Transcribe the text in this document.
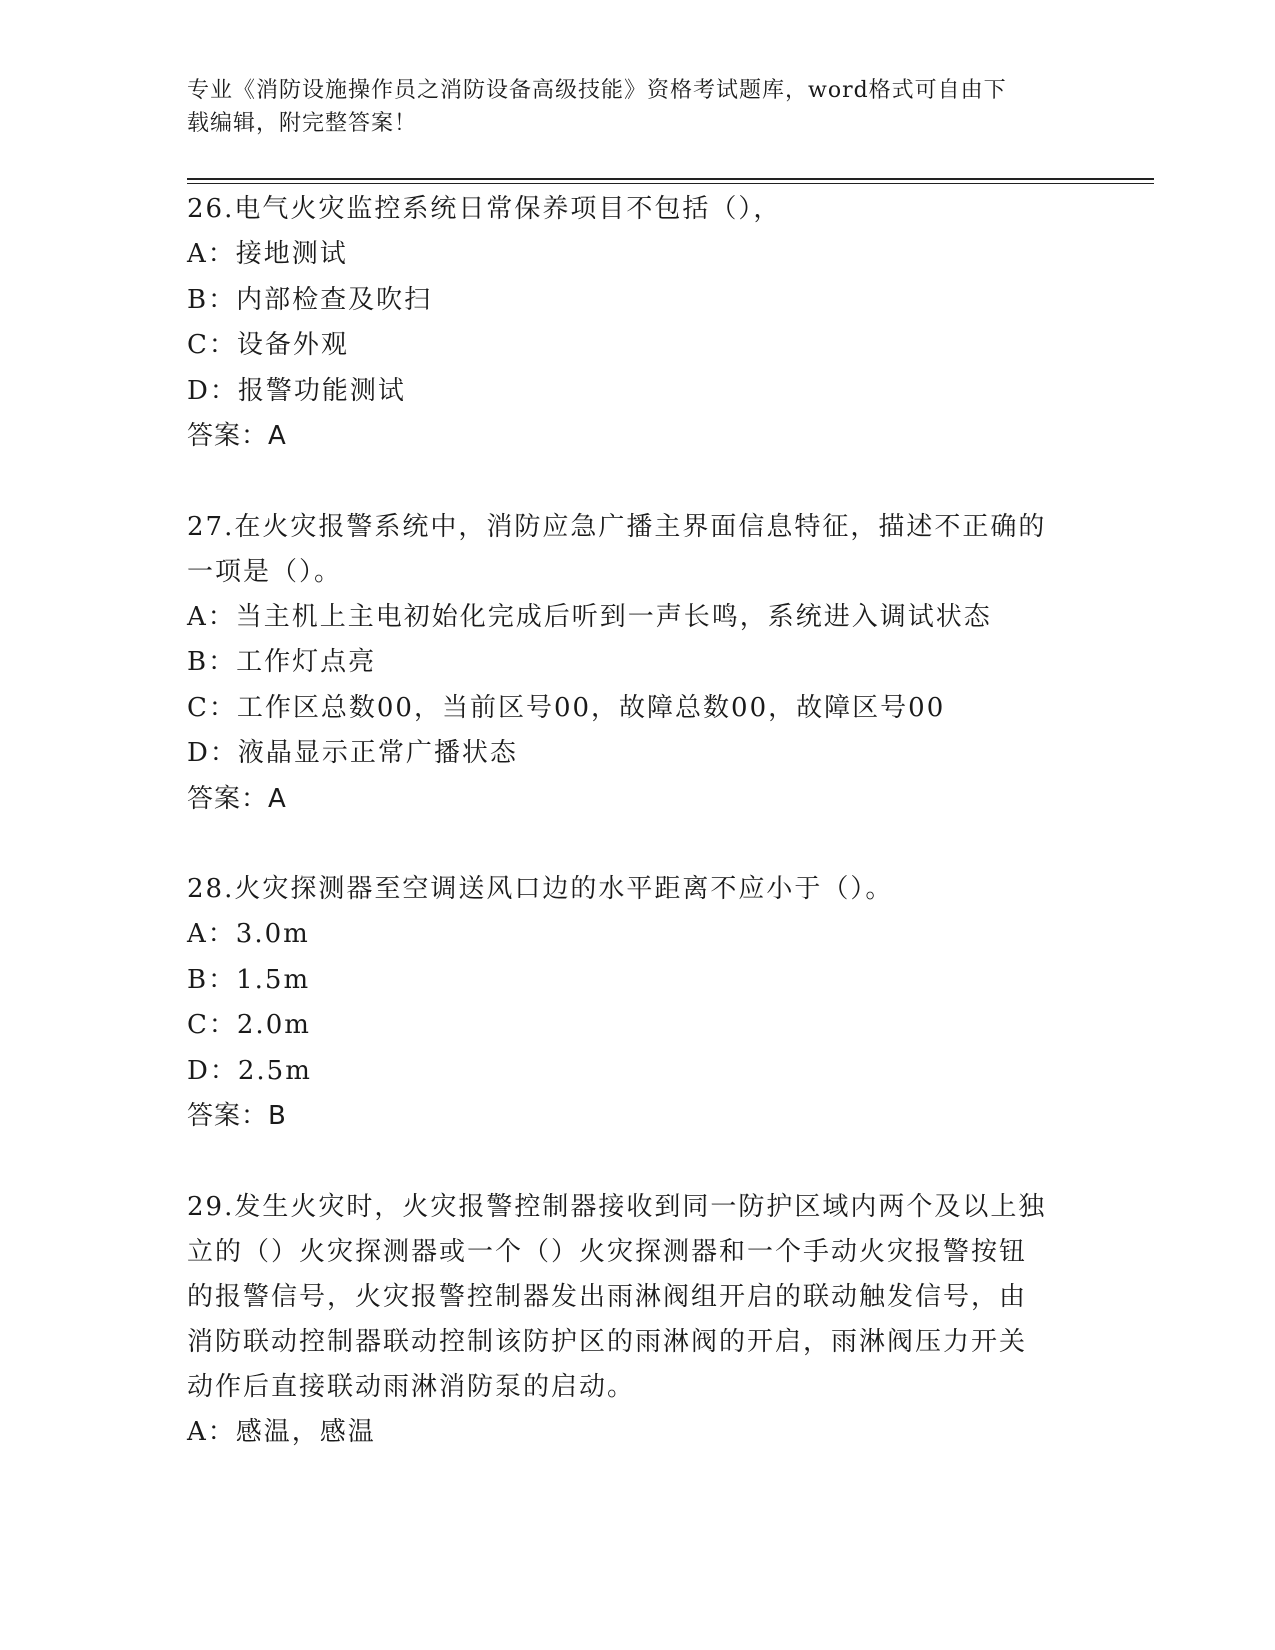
专业《消防设施操作员之消防设备高级技能》资格考试题库，word格式可自由下
载编辑，附完整答案！

26.电气火灾监控系统日常保养项目不包括（），

A：接地测试

B：内部检查及吹扫

C：设备外观

D：报警功能测试

答案：A

27.在火灾报警系统中，消防应急广播主界面信息特征，描述不正确的

一项是（）。

A：当主机上主电初始化完成后听到一声长鸣，系统进入调试状态

B：工作灯点亮

C：工作区总数00，当前区号00，故障总数00，故障区号00

D：液晶显示正常广播状态

答案：A

28.火灾探测器至空调送风口边的水平距离不应小于（）。

A：3.0m

B：1.5m

C：2.0m

D：2.5m

答案：B

29.发生火灾时，火灾报警控制器接收到同一防护区域内两个及以上独

立的（）火灾探测器或一个（）火灾探测器和一个手动火灾报警按钮

的报警信号，火灾报警控制器发出雨淋阀组开启的联动触发信号，由

消防联动控制器联动控制该防护区的雨淋阀的开启，雨淋阀压力开关

动作后直接联动雨淋消防泵的启动。

A：感温，感温
